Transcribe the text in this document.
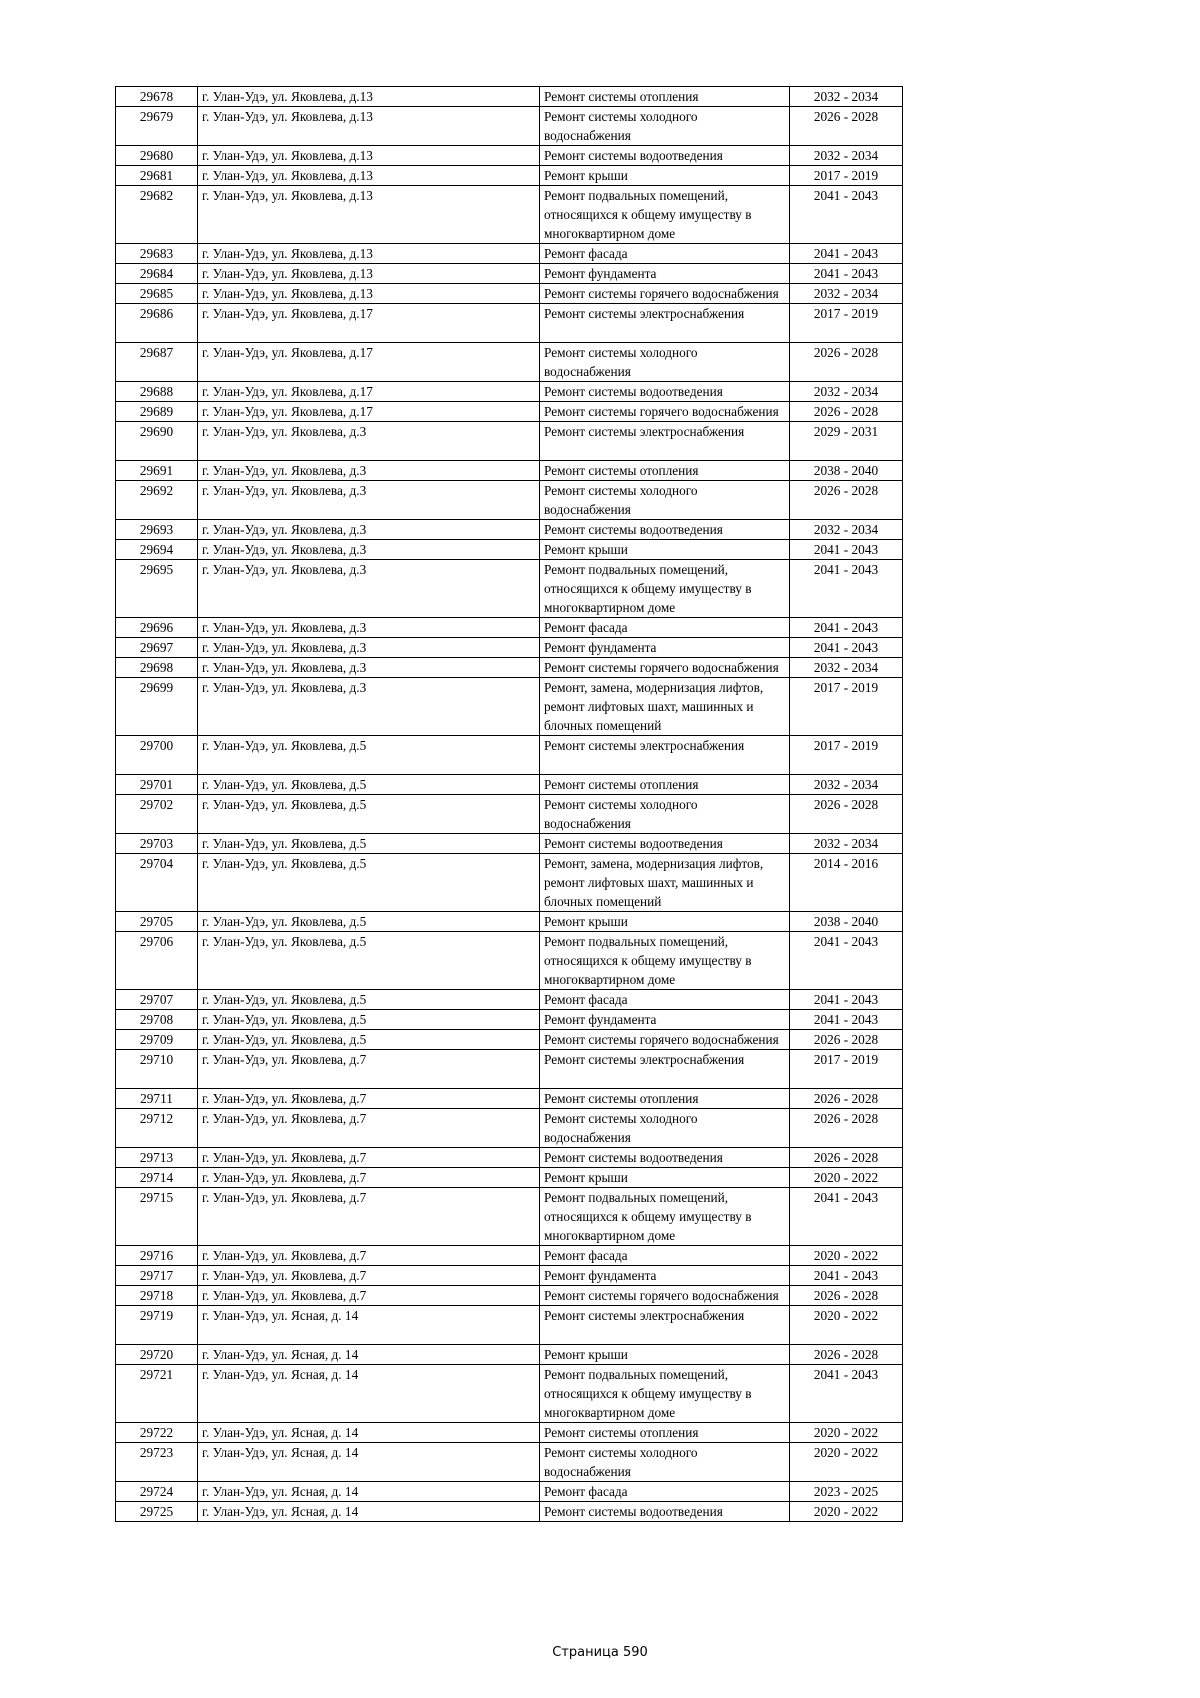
29678	г. Улан-Удэ, ул. Яковлева, д.13	Ремонт системы отопления	2032 - 2034
29679	г. Улан-Удэ, ул. Яковлева, д.13	Ремонт системы холодного водоснабжения	2026 - 2028
29680	г. Улан-Удэ, ул. Яковлева, д.13	Ремонт системы водоотведения	2032 - 2034
29681	г. Улан-Удэ, ул. Яковлева, д.13	Ремонт крыши	2017 - 2019
29682	г. Улан-Удэ, ул. Яковлева, д.13	Ремонт подвальных помещений, относящихся к общему имуществу в многоквартирном доме	2041 - 2043
29683	г. Улан-Удэ, ул. Яковлева, д.13	Ремонт фасада	2041 - 2043
29684	г. Улан-Удэ, ул. Яковлева, д.13	Ремонт фундамента	2041 - 2043
29685	г. Улан-Удэ, ул. Яковлева, д.13	Ремонт системы горячего водоснабжения	2032 - 2034
29686	г. Улан-Удэ, ул. Яковлева, д.17	Ремонт системы электроснабжения	2017 - 2019
29687	г. Улан-Удэ, ул. Яковлева, д.17	Ремонт системы холодного водоснабжения	2026 - 2028
29688	г. Улан-Удэ, ул. Яковлева, д.17	Ремонт системы водоотведения	2032 - 2034
29689	г. Улан-Удэ, ул. Яковлева, д.17	Ремонт системы горячего водоснабжения	2026 - 2028
29690	г. Улан-Удэ, ул. Яковлева, д.3	Ремонт системы электроснабжения	2029 - 2031
29691	г. Улан-Удэ, ул. Яковлева, д.3	Ремонт системы отопления	2038 - 2040
29692	г. Улан-Удэ, ул. Яковлева, д.3	Ремонт системы холодного водоснабжения	2026 - 2028
29693	г. Улан-Удэ, ул. Яковлева, д.3	Ремонт системы водоотведения	2032 - 2034
29694	г. Улан-Удэ, ул. Яковлева, д.3	Ремонт крыши	2041 - 2043
29695	г. Улан-Удэ, ул. Яковлева, д.3	Ремонт подвальных помещений, относящихся к общему имуществу в многоквартирном доме	2041 - 2043
29696	г. Улан-Удэ, ул. Яковлева, д.3	Ремонт фасада	2041 - 2043
29697	г. Улан-Удэ, ул. Яковлева, д.3	Ремонт фундамента	2041 - 2043
29698	г. Улан-Удэ, ул. Яковлева, д.3	Ремонт системы горячего водоснабжения	2032 - 2034
29699	г. Улан-Удэ, ул. Яковлева, д.3	Ремонт, замена, модернизация лифтов, ремонт лифтовых шахт, машинных и блочных помещений	2017 - 2019
29700	г. Улан-Удэ, ул. Яковлева, д.5	Ремонт системы электроснабжения	2017 - 2019
29701	г. Улан-Удэ, ул. Яковлева, д.5	Ремонт системы отопления	2032 - 2034
29702	г. Улан-Удэ, ул. Яковлева, д.5	Ремонт системы холодного водоснабжения	2026 - 2028
29703	г. Улан-Удэ, ул. Яковлева, д.5	Ремонт системы водоотведения	2032 - 2034
29704	г. Улан-Удэ, ул. Яковлева, д.5	Ремонт, замена, модернизация лифтов, ремонт лифтовых шахт, машинных и блочных помещений	2014 - 2016
29705	г. Улан-Удэ, ул. Яковлева, д.5	Ремонт крыши	2038 - 2040
29706	г. Улан-Удэ, ул. Яковлева, д.5	Ремонт подвальных помещений, относящихся к общему имуществу в многоквартирном доме	2041 - 2043
29707	г. Улан-Удэ, ул. Яковлева, д.5	Ремонт фасада	2041 - 2043
29708	г. Улан-Удэ, ул. Яковлева, д.5	Ремонт фундамента	2041 - 2043
29709	г. Улан-Удэ, ул. Яковлева, д.5	Ремонт системы горячего водоснабжения	2026 - 2028
29710	г. Улан-Удэ, ул. Яковлева, д.7	Ремонт системы электроснабжения	2017 - 2019
29711	г. Улан-Удэ, ул. Яковлева, д.7	Ремонт системы отопления	2026 - 2028
29712	г. Улан-Удэ, ул. Яковлева, д.7	Ремонт системы холодного водоснабжения	2026 - 2028
29713	г. Улан-Удэ, ул. Яковлева, д.7	Ремонт системы водоотведения	2026 - 2028
29714	г. Улан-Удэ, ул. Яковлева, д.7	Ремонт крыши	2020 - 2022
29715	г. Улан-Удэ, ул. Яковлева, д.7	Ремонт подвальных помещений, относящихся к общему имуществу в многоквартирном доме	2041 - 2043
29716	г. Улан-Удэ, ул. Яковлева, д.7	Ремонт фасада	2020 - 2022
29717	г. Улан-Удэ, ул. Яковлева, д.7	Ремонт фундамента	2041 - 2043
29718	г. Улан-Удэ, ул. Яковлева, д.7	Ремонт системы горячего водоснабжения	2026 - 2028
29719	г. Улан-Удэ, ул. Ясная, д. 14	Ремонт системы электроснабжения	2020 - 2022
29720	г. Улан-Удэ, ул. Ясная, д. 14	Ремонт крыши	2026 - 2028
29721	г. Улан-Удэ, ул. Ясная, д. 14	Ремонт подвальных помещений, относящихся к общему имуществу в многоквартирном доме	2041 - 2043
29722	г. Улан-Удэ, ул. Ясная, д. 14	Ремонт системы отопления	2020 - 2022
29723	г. Улан-Удэ, ул. Ясная, д. 14	Ремонт системы холодного водоснабжения	2020 - 2022
29724	г. Улан-Удэ, ул. Ясная, д. 14	Ремонт фасада	2023 - 2025
29725	г. Улан-Удэ, ул. Ясная, д. 14	Ремонт системы водоотведения	2020 - 2022
Страница 590
